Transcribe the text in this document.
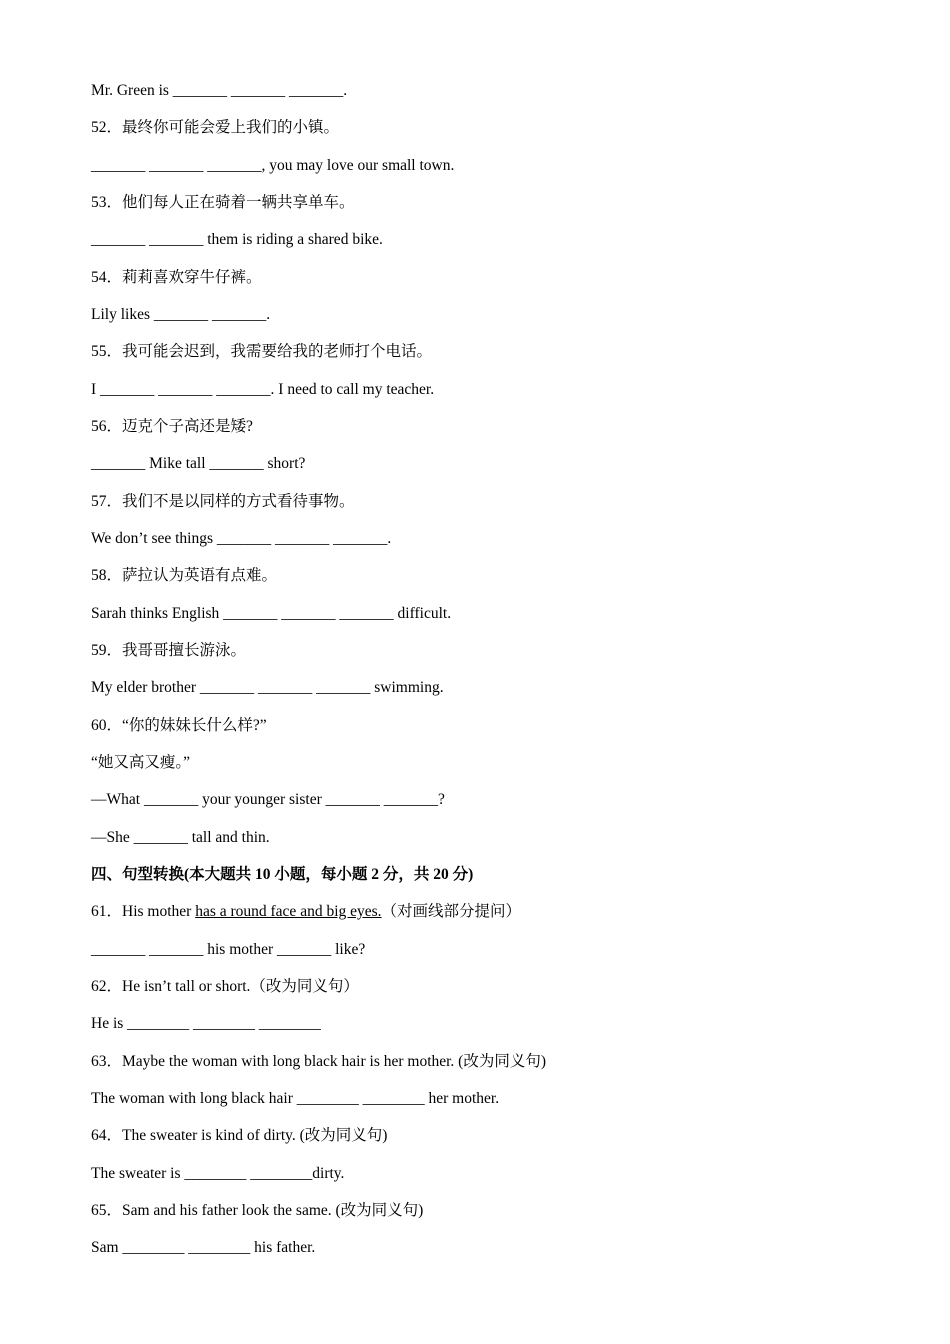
Mr. Green is _______ _______ _______.
52．最终你可能会爱上我们的小镇。
_______ _______ _______, you may love our small town.
53．他们每人正在骑着一辆共享单车。
_______ _______ them is riding a shared bike.
54．莉莉喜欢穿牛仔裤。
Lily likes _______ _______.
55．我可能会迟到，我需要给我的老师打个电话。
I _______ _______ _______. I need to call my teacher.
56．迈克个子高还是矮?
_______ Mike tall _______ short?
57．我们不是以同样的方式看待事物。
We don’t see things _______ _______ _______.
58．萨拉认为英语有点难。
Sarah thinks English _______ _______ _______ difficult.
59．我哥哥擅长游泳。
My elder brother _______ _______ _______ swimming.
60．“你的妹妹长什么样?”
“她又高又瘦。”
—What _______ your younger sister _______ _______?
—She _______ tall and thin.
四、句型转换(本大题共 10 小题，每小题 2 分，共 20 分)
61．His mother has a round face and big eyes.（对画线部分提问）
_______ _______ his mother _______ like?
62．He isn’t tall or short.（改为同义句）
He is ________ ________ ________
63．Maybe the woman with long black hair is her mother. (改为同义句)
The woman with long black hair ________ ________ her mother.
64．The sweater is kind of dirty. (改为同义句)
The sweater is ________ ________dirty.
65．Sam and his father look the same. (改为同义句)
Sam ________ ________ his father.
